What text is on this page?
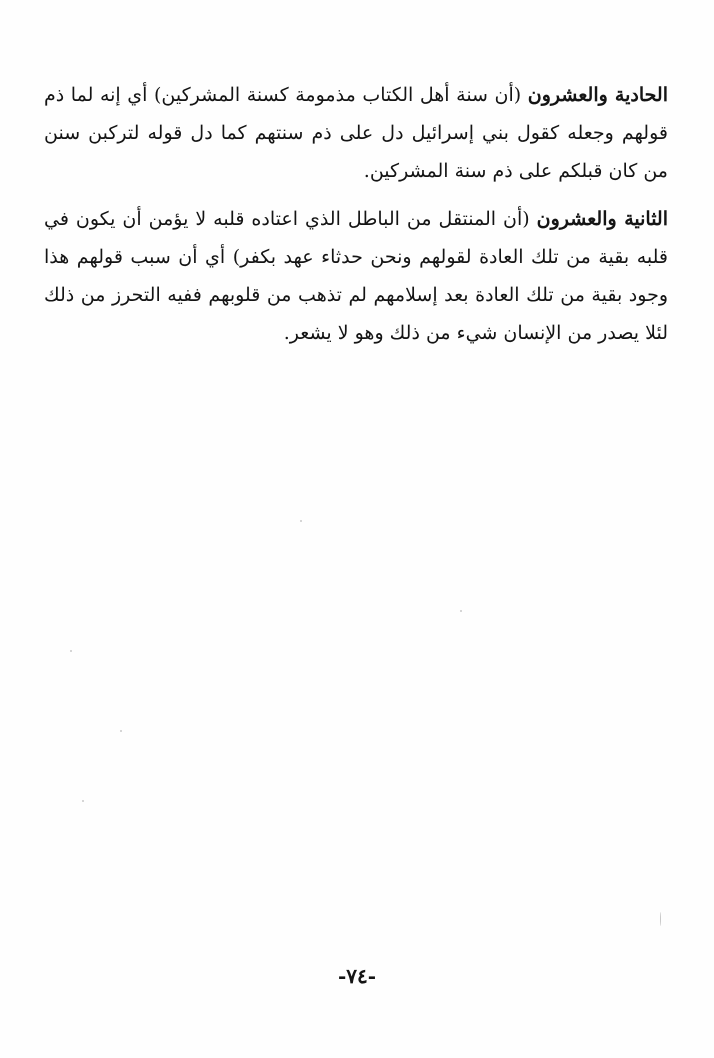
الحادية والعشرون (أن سنة أهل الكتاب مذمومة كسنة المشركين) أي إنه لما ذم قولهم وجعله كقول بني إسرائيل دل على ذم سنتهم كما دل قوله لتركبن سنن من كان قبلكم على ذم سنة المشركين.
الثانية والعشرون (أن المنتقل من الباطل الذي اعتاده قلبه لا يؤمن أن يكون في قلبه بقية من تلك العادة لقولهم ونحن حدثاء عهد بكفر) أي أن سبب قولهم هذا وجود بقية من تلك العادة بعد إسلامهم لم تذهب من قلوبهم ففيه التحرز من ذلك لئلا يصدر من الإنسان شيء من ذلك وهو لا يشعر.
-٧٤-
